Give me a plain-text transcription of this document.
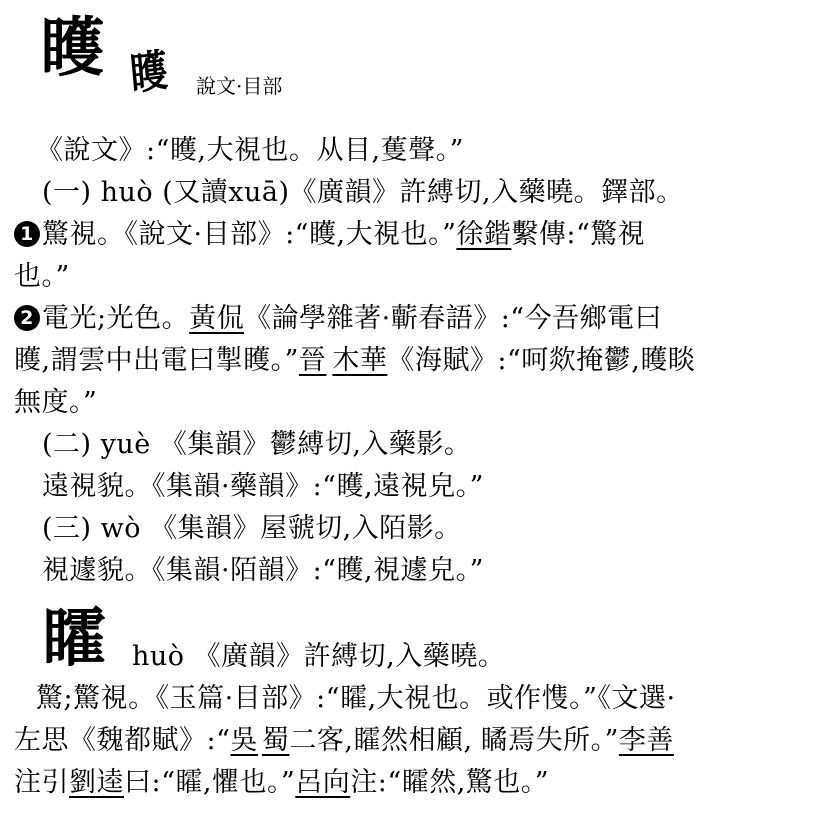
矆 矆 說文·目部
《說文》:“矆,大視也。从目,蒦聲。”
(一) huò (又讀xuā)《廣韻》許縛切,入藥曉。鐸部。
1 驚視。《說文·目部》:“矆,大視也。”徐鍇繫傳:“驚視
也。”
2 電光;光色。黃侃《論學雜著·蘄春語》:“今吾鄉電曰
矆,謂雲中出電曰掣矆。”晉 木華《海賦》:“呵欻掩鬱,矆睒
無度。”
(二) yuè 《集韻》鬱縛切,入藥影。
遠視貌。《集韻·藥韻》:“矆,遠視皃。”
(三) wò 《集韻》屋虢切,入陌影。
視遽貌。《集韻·陌韻》:“矆,視遽皃。”
矐 huò 《廣韻》許縛切,入藥曉。
驚;驚視。《玉篇·目部》:“矐,大視也。或作愯。”《文選·
左思《魏都賦》:“吳 蜀二客,矐然相顧, 瞲焉失所。”李善
注引劉逵曰:“矐,懼也。”呂向注:“矐然,驚也。”
